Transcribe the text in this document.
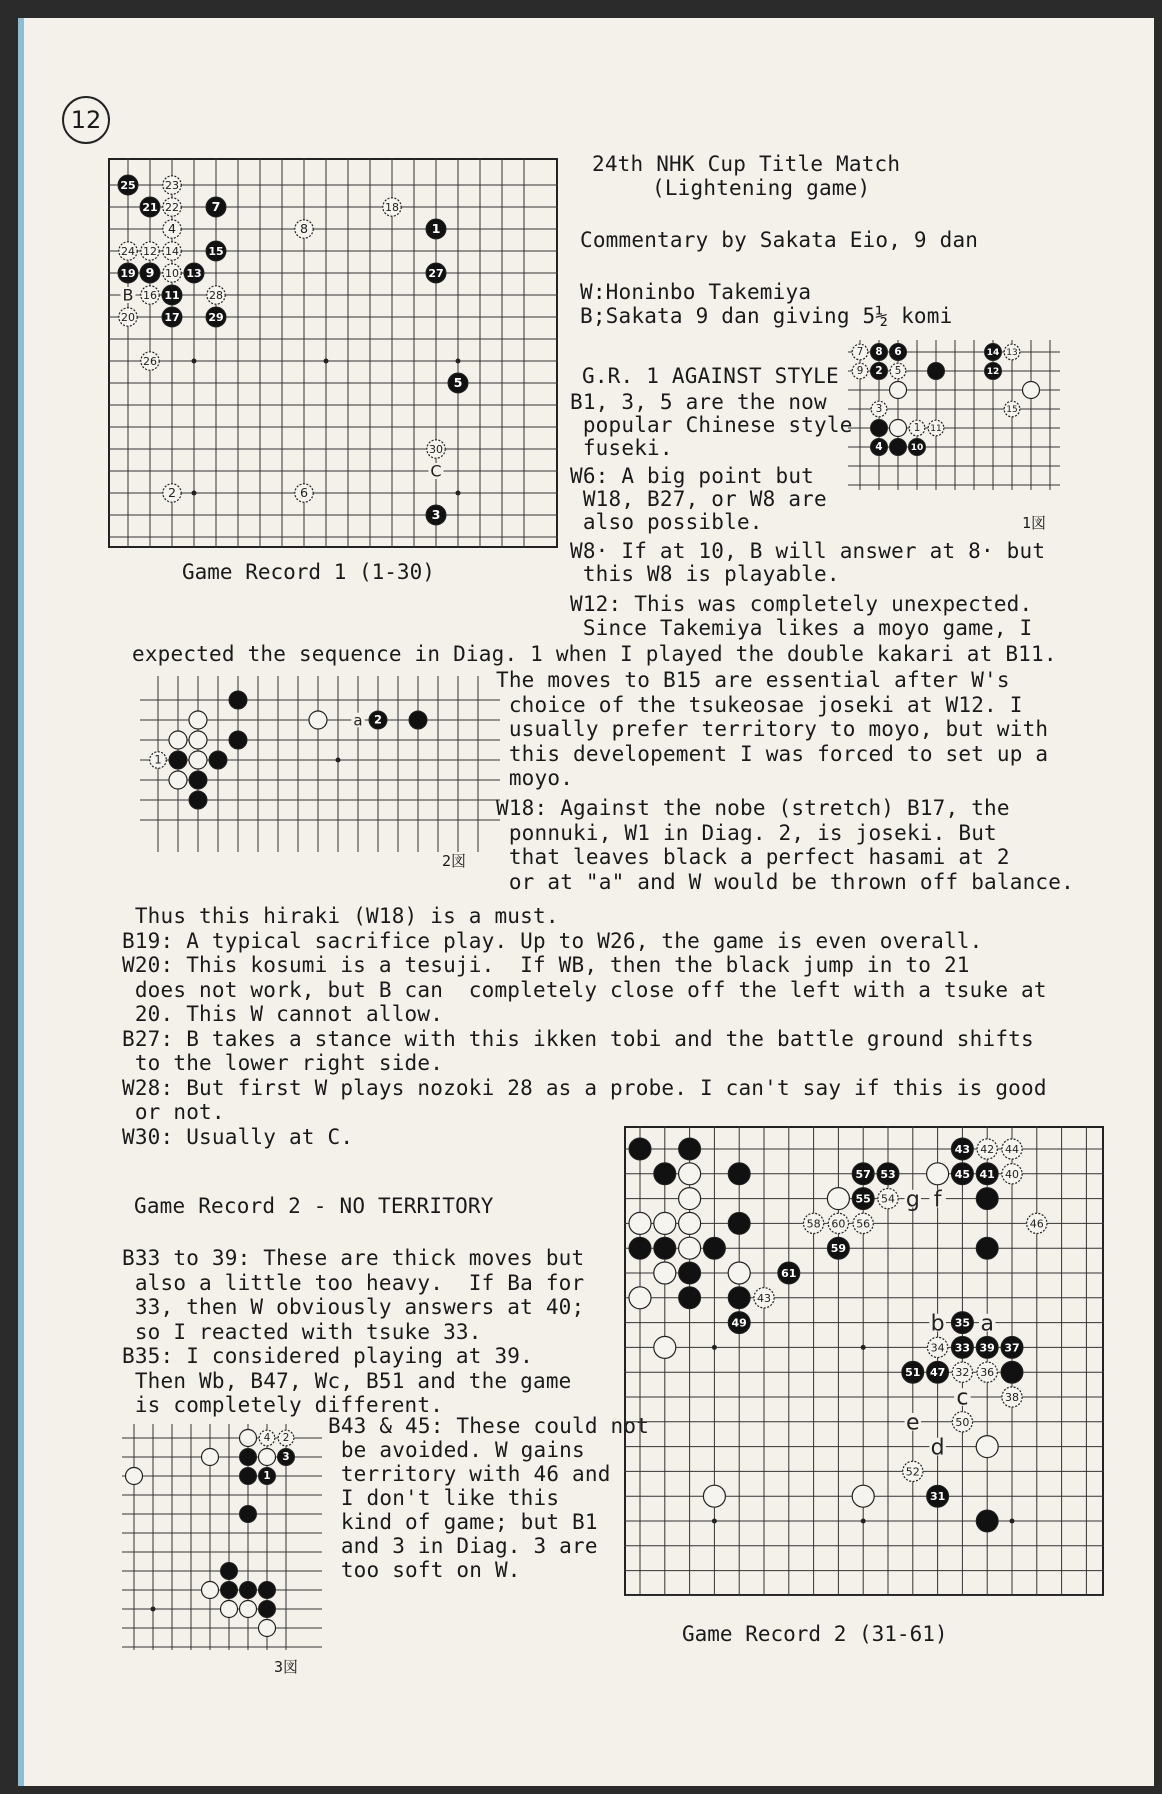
12
24th NHK Cup Title Match
(Lightening game)
Commentary by Sakata Eio, 9 dan
W:Honinbo Takemiya
B;Sakata 9 dan giving 5½ komi
25	23
21 22	7	18
4	8	1
24 12 14	15
19 9 10 13	27
16 11	28
20	17	29
26
5
30
2	6
3
B
C
Game Record 1 (1-30)
7 8 6	14 13
9 2 5	12
3	15
1 11
4	10
1図
G.R. 1 AGAINST STYLE
B1, 3, 5 are the now
popular Chinese style
fuseki.
W6: A big point but
W18, B27, or W8 are
also possible.
W8· If at 10, B will answer at 8· but
this W8 is playable.
W12: This was completely unexpected.
Since Takemiya likes a moyo game, I
expected the sequence in Diag. 1 when I played the double kakari at B11.
2
1
a
2図
The moves to B15 are essential after W's
choice of the tsukeosae joseki at W12. I
usually prefer territory to moyo, but with
this developement I was forced to set up a
moyo.
W18: Against the nobe (stretch) B17, the
ponnuki, W1 in Diag. 2, is joseki. But
that leaves black a perfect hasami at 2
or at "a" and W would be thrown off balance.
Thus this hiraki (W18) is a must.
B19: A typical sacrifice play. Up to W26, the game is even overall.
W20: This kosumi is a tesuji.  If WB, then the black jump in to 21
does not work, but B can  completely close off the left with a tsuke at
20. This W cannot allow.
B27: B takes a stance with this ikken tobi and the battle ground shifts
to the lower right side.
W28: But first W plays nozoki 28 as a probe. I can't say if this is good
or not.
W30: Usually at C.
Game Record 2 - NO TERRITORY
B33 to 39: These are thick moves but
also a little too heavy.  If Ba for
33, then W obviously answers at 40;
so I reacted with tsuke 33.
B35: I considered playing at 39.
Then Wb, B47, Wc, B51 and the game
is completely different.
4 2
3
1
3図
B43 & 45: These could not
be avoided. W gains
territory with 46 and
I don't like this
kind of game; but B1
and 3 in Diag. 3 are
too soft on W.
43 42 44
57 53	45 41 40
55 54
58 60 56	46
59
61
43
49	35
34 33 39 37
51 47 32 36
38
50
52
31
g f
b a
c
e
d
Game Record 2 (31-61)
